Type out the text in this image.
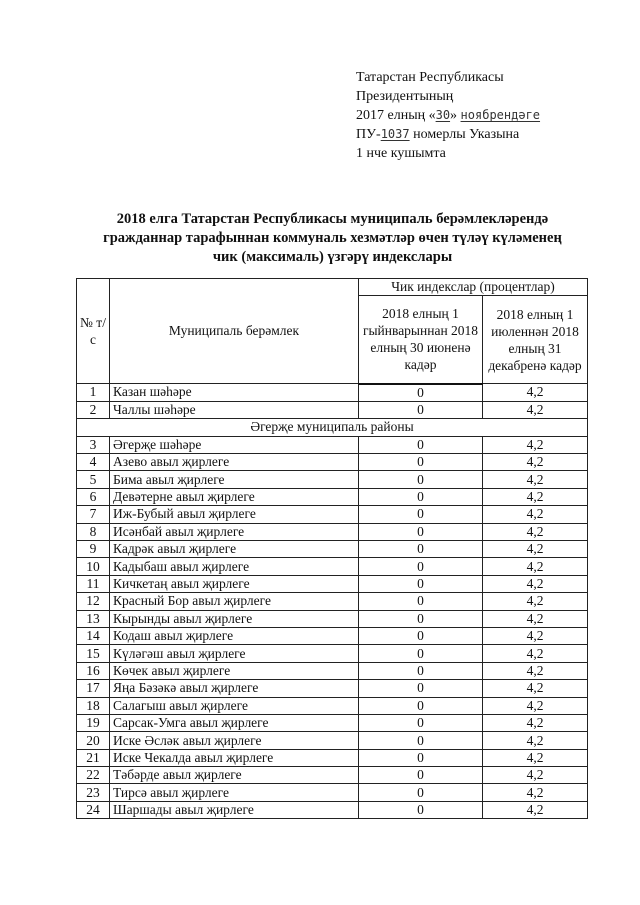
Татарстан Республикасы
Президентының
2017 елның «30» ноябрендәге
ПУ-1037 номерлы Указына
1 нче кушымта
2018 елга Татарстан Республикасы муниципаль берәмлекләрендә
гражданнар тарафыннан коммуналь хезмәтләр өчен түләү күләменең
чик (максималь) үзгәрү индекслары
№ т/с	Муниципаль берәмлек	Чик индекслар (процентлар)	
		2018 елның 1 гыйнварыннан 2018 елның 30 июненә кадәр	2018 елның 1 июленнән 2018 елның 31 декабренә кадәр
1	Казан шәһәре	0	4,2
2	Чаллы шәһәре	0	4,2
Әгерҗе муниципаль районы			
3	Әгерҗе шәһәре	0	4,2
4	Азево авыл җирлеге	0	4,2
5	Бима авыл җирлеге	0	4,2
6	Девәтерне авыл җирлеге	0	4,2
7	Иж-Бубый авыл җирлеге	0	4,2
8	Исәнбай авыл җирлеге	0	4,2
9	Кадрәк авыл җирлеге	0	4,2
10	Кадыбаш авыл җирлеге	0	4,2
11	Кичкетаң авыл җирлеге	0	4,2
12	Красный Бор авыл җирлеге	0	4,2
13	Кырынды авыл җирлеге	0	4,2
14	Кодаш авыл җирлеге	0	4,2
15	Күләгәш авыл җирлеге	0	4,2
16	Көчек авыл җирлеге	0	4,2
17	Яңа Бәзәкә авыл җирлеге	0	4,2
18	Салагыш авыл җирлеге	0	4,2
19	Сарсак-Умга авыл җирлеге	0	4,2
20	Иске Әсләк авыл җирлеге	0	4,2
21	Иске Чекалда авыл җирлеге	0	4,2
22	Тәбәрде авыл җирлеге	0	4,2
23	Тирсә авыл җирлеге	0	4,2
24	Шаршады авыл җирлеге	0	4,2
